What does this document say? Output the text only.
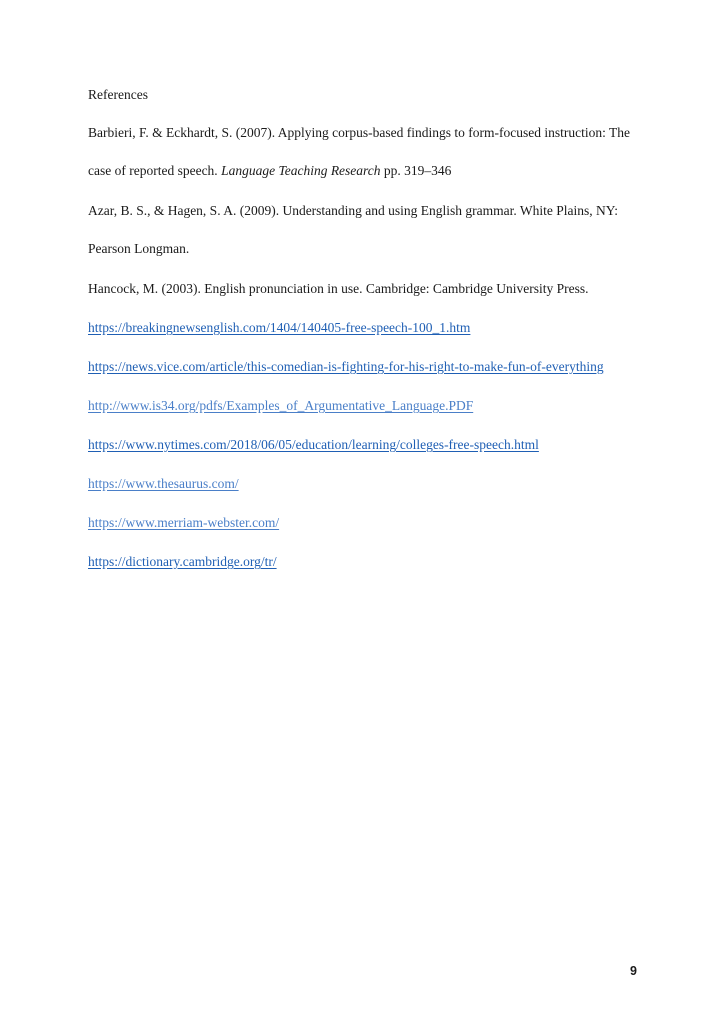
References

Barbieri, F. & Eckhardt, S. (2007). Applying corpus-based findings to form-focused instruction: The case of reported speech. Language Teaching Research pp. 319–346

Azar, B. S., & Hagen, S. A. (2009). Understanding and using English grammar. White Plains, NY: Pearson Longman.

Hancock, M. (2003). English pronunciation in use. Cambridge: Cambridge University Press.

https://breakingnewsenglish.com/1404/140405-free-speech-100_1.htm
https://news.vice.com/article/this-comedian-is-fighting-for-his-right-to-make-fun-of-everything
http://www.is34.org/pdfs/Examples_of_Argumentative_Language.PDF
https://www.nytimes.com/2018/06/05/education/learning/colleges-free-speech.html
https://www.thesaurus.com/
https://www.merriam-webster.com/
https://dictionary.cambridge.org/tr/
9
